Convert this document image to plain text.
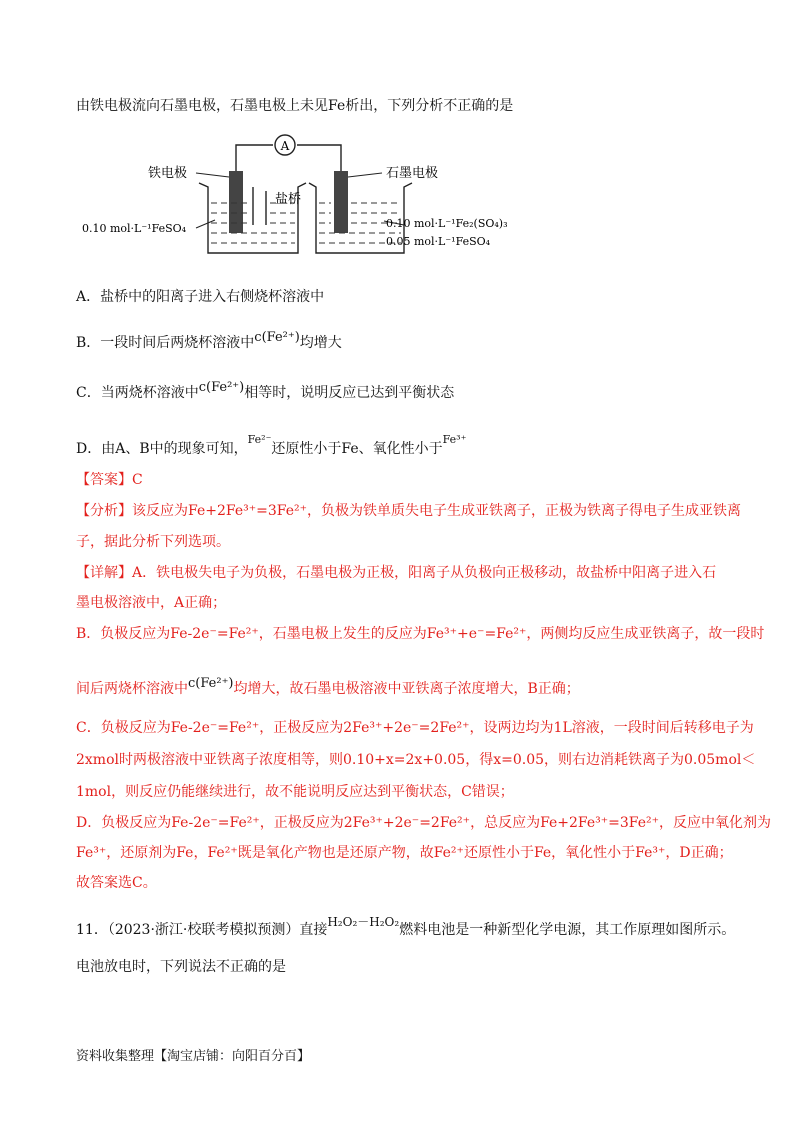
由铁电极流向石墨电极，石墨电极上未见Fe析出，下列分析不正确的是
A
铁电极	石墨电极
盐桥
0.10 mol·L⁻¹FeSO₄	0.10 mol·L⁻¹Fe₂(SO₄)₃
0.05 mol·L⁻¹FeSO₄
A．盐桥中的阳离子进入右侧烧杯溶液中
B．一段时间后两烧杯溶液中c(Fe²⁺)均增大
C．当两烧杯溶液中c(Fe²⁺)相等时，说明反应已达到平衡状态
D．由A、B中的现象可知，$^{Fe^{2-}}$还原性小于Fe、氧化性小于$^{Fe^{3+}}$
【答案】C
【分析】该反应为Fe+2Fe³⁺=3Fe²⁺，负极为铁单质失电子生成亚铁离子，正极为铁离子得电子生成亚铁离
子，据此分析下列选项。
【详解】A．铁电极失电子为负极，石墨电极为正极，阳离子从负极向正极移动，故盐桥中阳离子进入石
墨电极溶液中，A正确；
B．负极反应为Fe-2e⁻=Fe²⁺，石墨电极上发生的反应为Fe³⁺+e⁻=Fe²⁺，两侧均反应生成亚铁离子，故一段时
间后两烧杯溶液中c(Fe²⁺)均增大，故石墨电极溶液中亚铁离子浓度增大，B正确；
C．负极反应为Fe-2e⁻=Fe²⁺，正极反应为2Fe³⁺+2e⁻=2Fe²⁺，设两边均为1L溶液，一段时间后转移电子为
2xmol时两极溶液中亚铁离子浓度相等，则0.10+x=2x+0.05，得x=0.05，则右边消耗铁离子为0.05mol＜
1mol，则反应仍能继续进行，故不能说明反应达到平衡状态，C错误；
D．负极反应为Fe-2e⁻=Fe²⁺，正极反应为2Fe³⁺+2e⁻=2Fe²⁺，总反应为Fe+2Fe³⁺=3Fe²⁺，反应中氧化剂为
Fe³⁺，还原剂为Fe，Fe²⁺既是氧化产物也是还原产物，故Fe²⁺还原性小于Fe，氧化性小于Fe³⁺，D正确；
故答案选C。
11．（2023·浙江·校联考模拟预测）直接H₂O₂－H₂O₂燃料电池是一种新型化学电源，其工作原理如图所示。
电池放电时，下列说法不正确的是
资料收集整理【淘宝店铺：向阳百分百】
